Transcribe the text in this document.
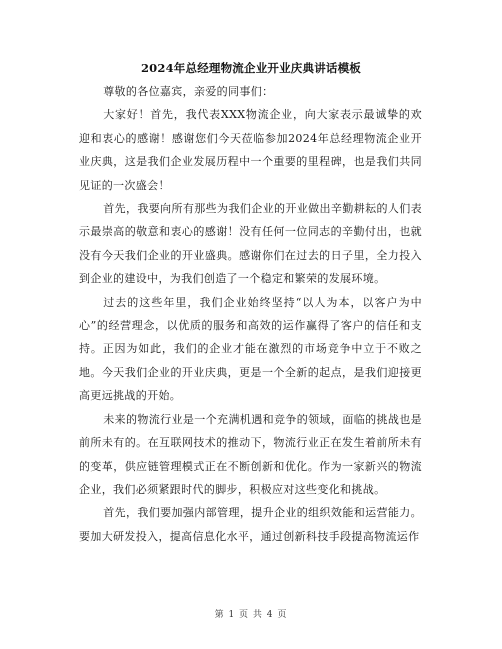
2024年总经理物流企业开业庆典讲话模板

尊敬的各位嘉宾，亲爱的同事们：

大家好！首先，我代表XXX物流企业，向大家表示最诚挚的欢迎和衷心的感谢！感谢您们今天莅临参加2024年总经理物流企业开业庆典，这是我们企业发展历程中一个重要的里程碑，也是我们共同见证的一次盛会！

首先，我要向所有那些为我们企业的开业做出辛勤耕耘的人们表示最崇高的敬意和衷心的感谢！没有任何一位同志的辛勤付出，也就没有今天我们企业的开业盛典。感谢你们在过去的日子里，全力投入到企业的建设中，为我们创造了一个稳定和繁荣的发展环境。

过去的这些年里，我们企业始终坚持“以人为本，以客户为中心”的经营理念，以优质的服务和高效的运作赢得了客户的信任和支持。正因为如此，我们的企业才能在激烈的市场竞争中立于不败之地。今天我们企业的开业庆典，更是一个全新的起点，是我们迎接更高更远挑战的开始。

未来的物流行业是一个充满机遇和竞争的领域，面临的挑战也是前所未有的。在互联网技术的推动下，物流行业正在发生着前所未有的变革，供应链管理模式正在不断创新和优化。作为一家新兴的物流企业，我们必须紧跟时代的脚步，积极应对这些变化和挑战。

首先，我们要加强内部管理，提升企业的组织效能和运营能力。要加大研发投入，提高信息化水平，通过创新科技手段提高物流运作

第 1 页 共 4 页
